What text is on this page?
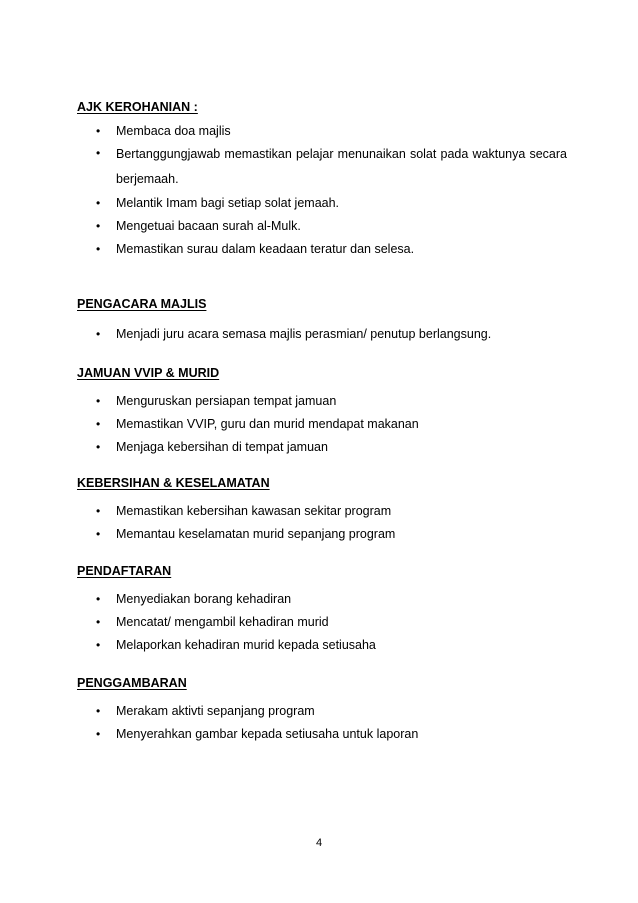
AJK KEROHANIAN :

• Membaca doa majlis
• Bertanggungjawab memastikan pelajar menunaikan solat pada waktunya secara berjemaah.
• Melantik Imam bagi setiap solat jemaah.
• Mengetuai bacaan surah al-Mulk.
• Memastikan surau dalam keadaan teratur dan selesa.

PENGACARA MAJLIS

• Menjadi juru acara semasa majlis perasmian/ penutup berlangsung.

JAMUAN VVIP & MURID

• Menguruskan persiapan tempat jamuan
• Memastikan VVIP, guru dan murid mendapat makanan
• Menjaga kebersihan di tempat jamuan

KEBERSIHAN & KESELAMATAN

• Memastikan kebersihan kawasan sekitar program
• Memantau keselamatan murid sepanjang program

PENDAFTARAN

• Menyediakan borang kehadiran
• Mencatat/ mengambil kehadiran murid
• Melaporkan kehadiran murid kepada setiusaha

PENGGAMBARAN

• Merakam aktivti sepanjang program
• Menyerahkan gambar kepada setiusaha untuk laporan
4
